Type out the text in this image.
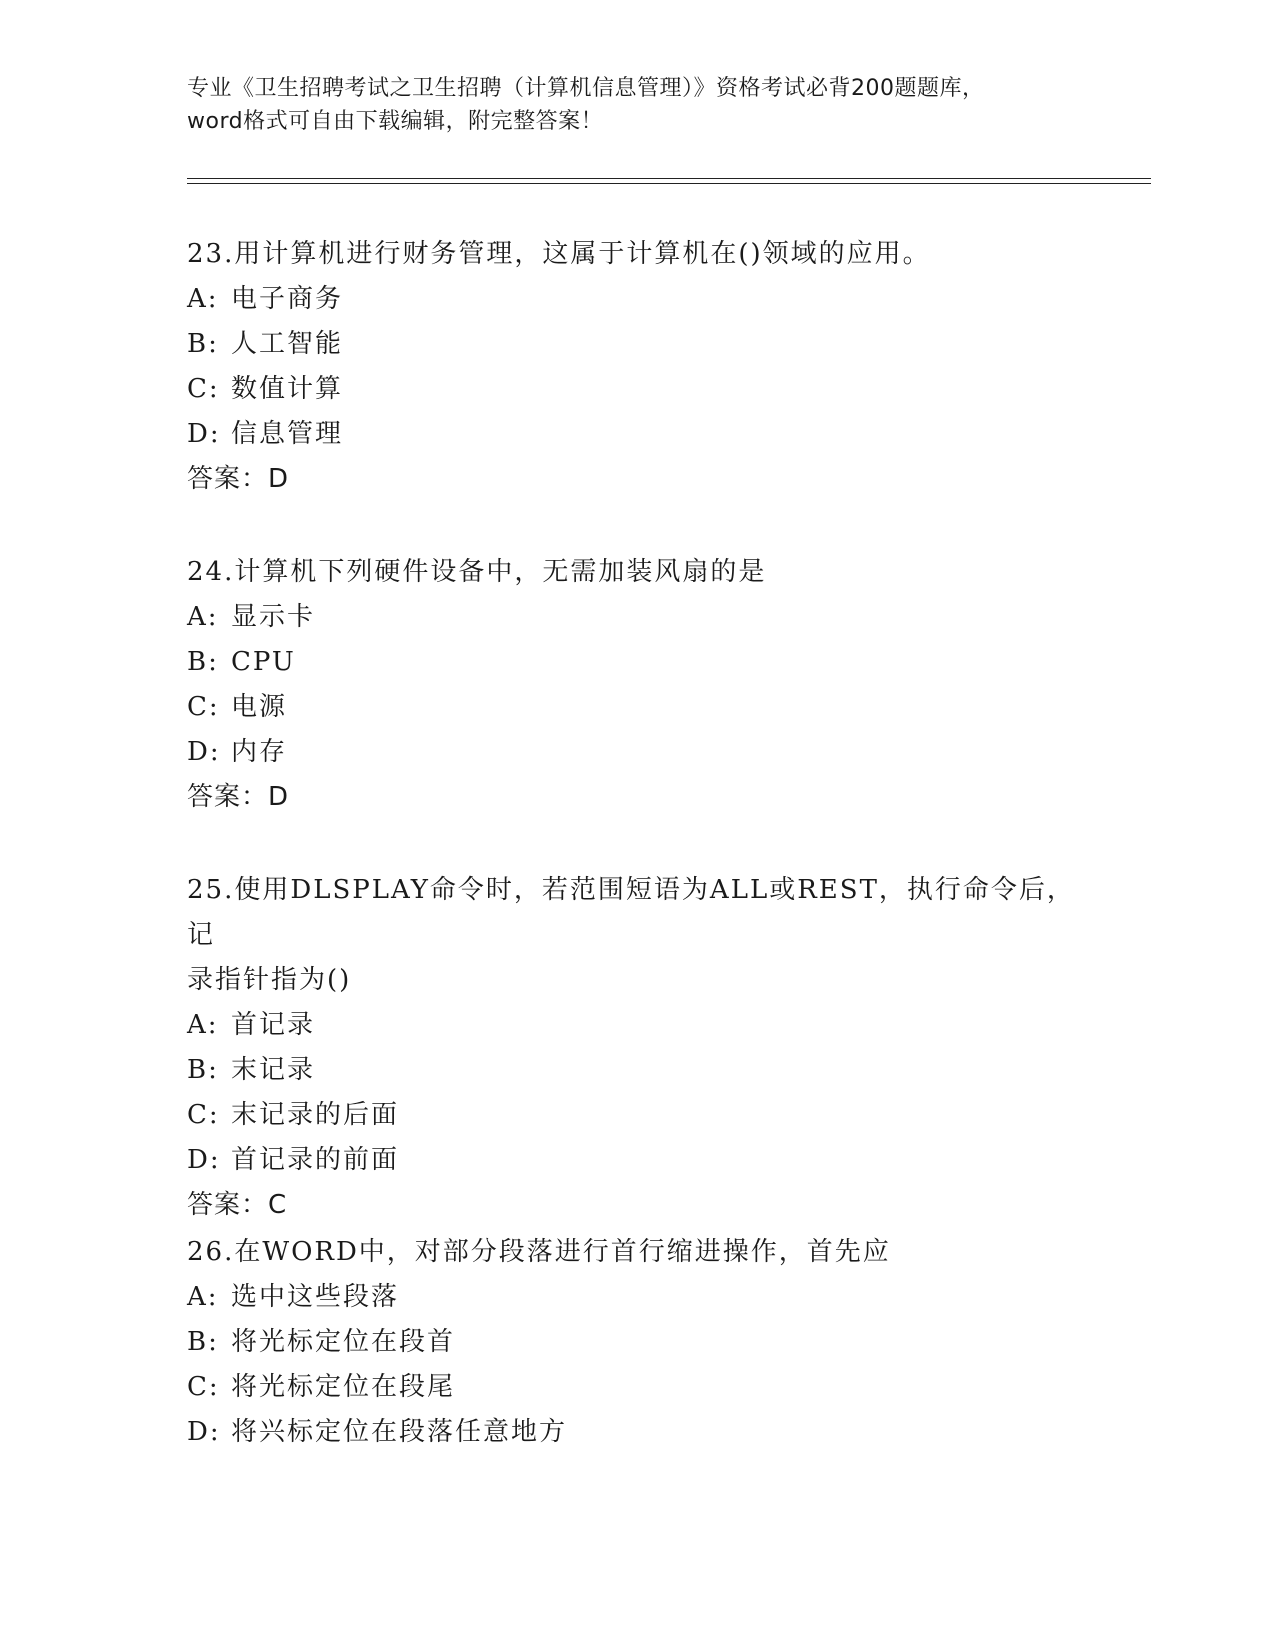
专业《卫生招聘考试之卫生招聘（计算机信息管理）》资格考试必背200题题库，
word格式可自由下载编辑，附完整答案！
23.用计算机进行财务管理，这属于计算机在()领域的应用。
A: 电子商务
B: 人工智能
C: 数值计算
D: 信息管理
答案：D
24.计算机下列硬件设备中，无需加装风扇的是
A: 显示卡
B: CPU
C: 电源
D: 内存
答案：D
25.使用DLSPLAY命令时，若范围短语为ALL或REST，执行命令后，记
录指针指为()
A: 首记录
B: 末记录
C: 末记录的后面
D: 首记录的前面
答案：C
26.在WORD中，对部分段落进行首行缩进操作，首先应
A: 选中这些段落
B: 将光标定位在段首
C: 将光标定位在段尾
D: 将兴标定位在段落任意地方
